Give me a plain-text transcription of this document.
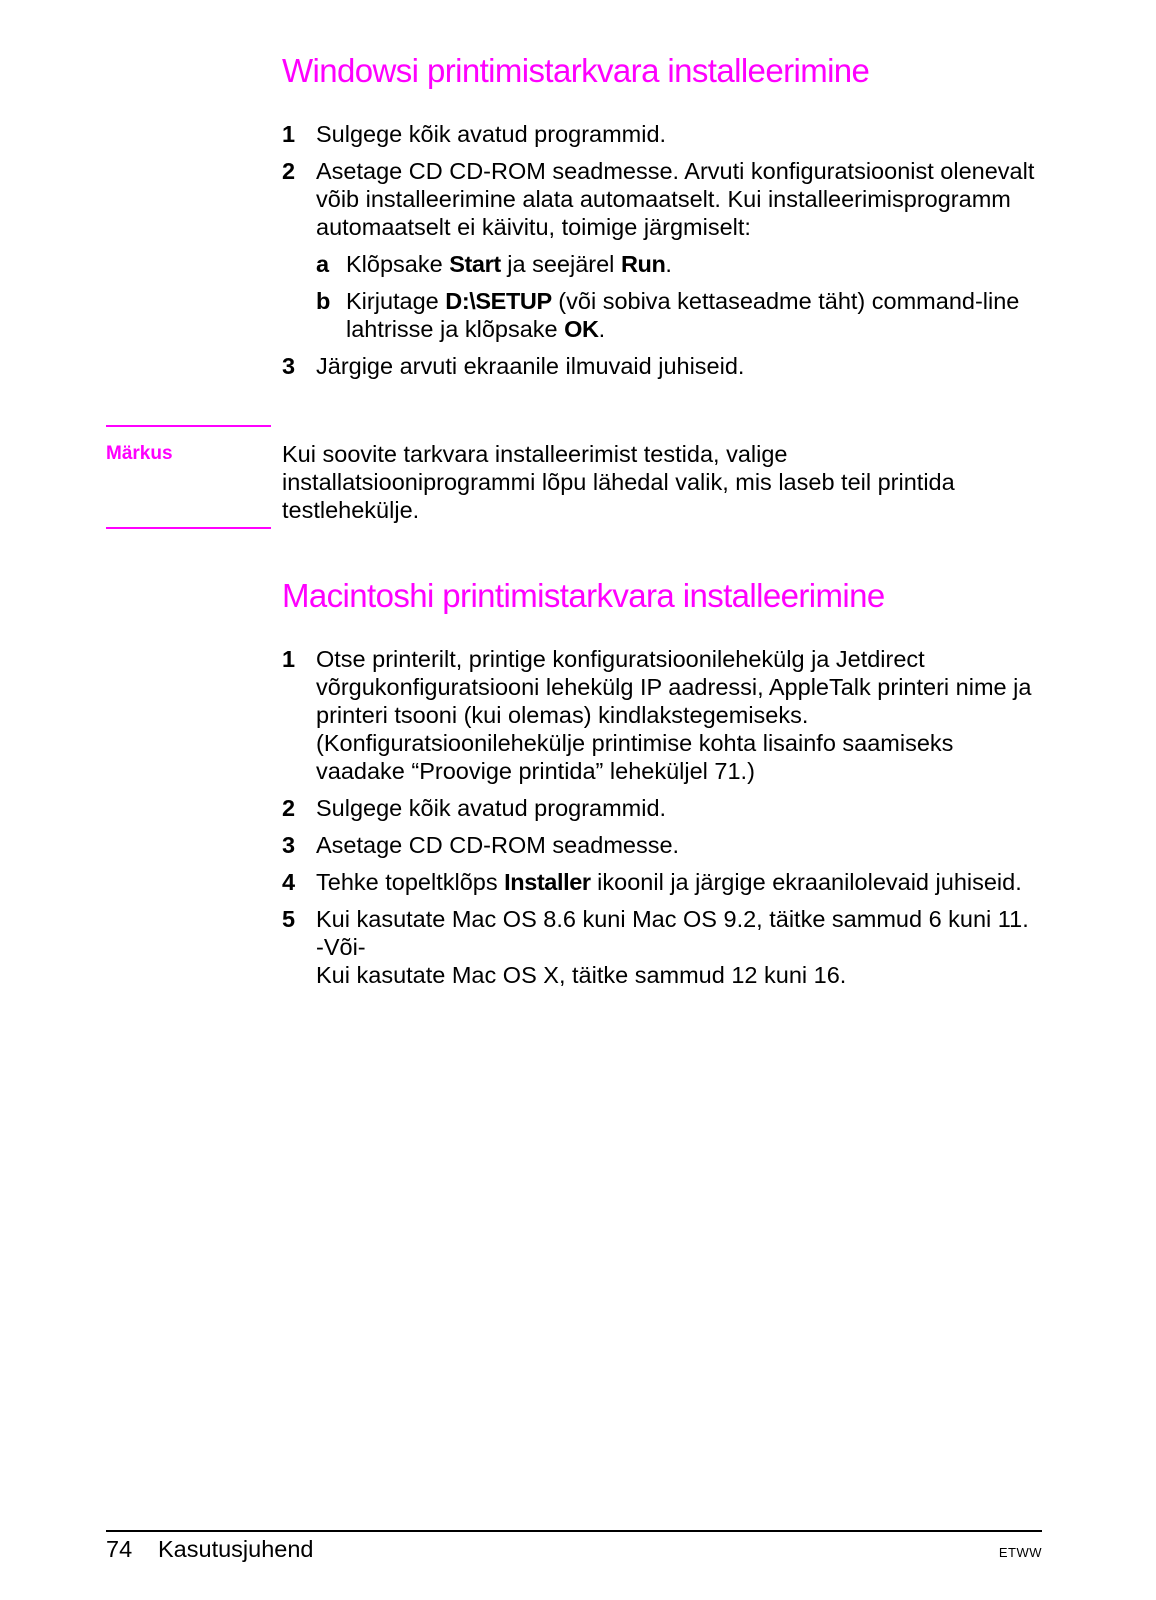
Windowsi printimistarkvara installeerimine
1 Sulgege kõik avatud programmid.
2 Asetage CD CD-ROM seadmesse. Arvuti konfiguratsioonist olenevalt võib installeerimine alata automaatselt. Kui installeerimisprogramm automaatselt ei käivitu, toimige järgmiselt:
a Klõpsake Start ja seejärel Run.
b Kirjutage D:\SETUP (või sobiva kettaseadme täht) command-line lahtrisse ja klõpsake OK.
3 Järgige arvuti ekraanile ilmuvaid juhiseid.
Märkus	Kui soovite tarkvara installeerimist testida, valige installatsiooniprogrammi lõpu lähedal valik, mis laseb teil printida testlehekülje.
Macintoshi printimistarkvara installeerimine
1 Otse printerilt, printige konfiguratsioonilehekülg ja Jetdirect võrgukonfiguratsiooni lehekülg IP aadressi, AppleTalk printeri nime ja printeri tsooni (kui olemas) kindlakstegemiseks. (Konfiguratsioonilehekülje printimise kohta lisainfo saamiseks vaadake “Proovige printida” leheküljel 71.)
2 Sulgege kõik avatud programmid.
3 Asetage CD CD-ROM seadmesse.
4 Tehke topeltklõps Installer ikoonil ja järgige ekraanilolevaid juhiseid.
5 Kui kasutate Mac OS 8.6 kuni Mac OS 9.2, täitke sammud 6 kuni 11.
-Või-
Kui kasutate Mac OS X, täitke sammud 12 kuni 16.
74 Kasutusjuhend	ETWW
